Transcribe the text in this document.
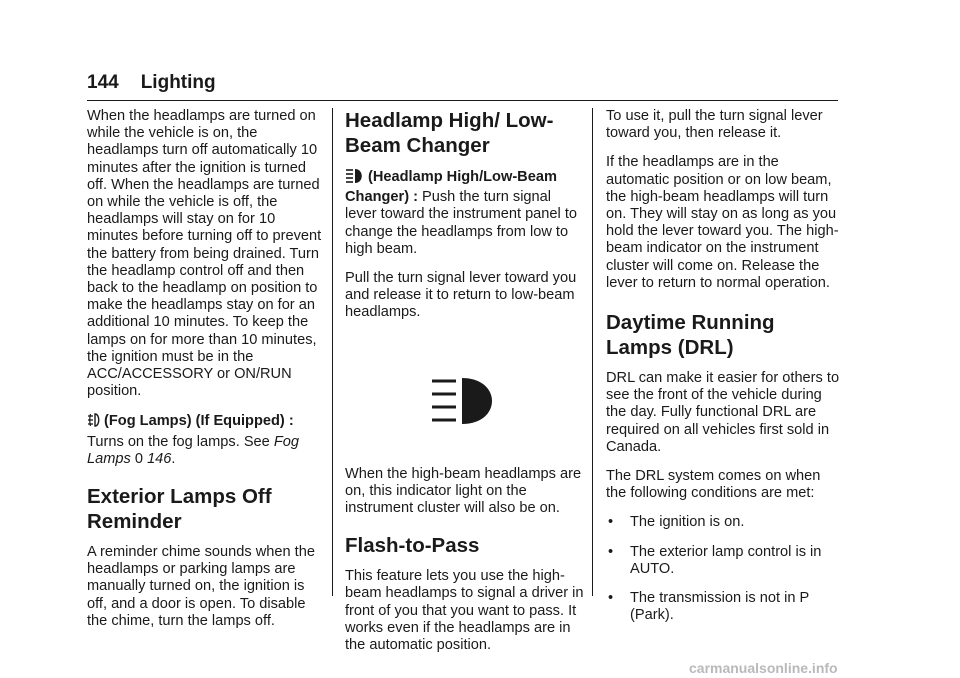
144 Lighting

When the headlamps are turned on while the vehicle is on, the headlamps turn off automatically 10 minutes after the ignition is turned off. When the headlamps are turned on while the vehicle is off, the headlamps will stay on for 10 minutes before turning off to prevent the battery from being drained. Turn the headlamp control off and then back to the headlamp on position to make the headlamps stay on for an additional 10 minutes. To keep the lamps on for more than 10 minutes, the ignition must be in the ACC/ACCESSORY or ON/RUN position.

(Fog Lamps) (If Equipped) : Turns on the fog lamps. See Fog Lamps 0 146.

Exterior Lamps Off Reminder

A reminder chime sounds when the headlamps or parking lamps are manually turned on, the ignition is off, and a door is open. To disable the chime, turn the lamps off.

Headlamp High/ Low-Beam Changer

(Headlamp High/Low-Beam Changer) : Push the turn signal lever toward the instrument panel to change the headlamps from low to high beam.

Pull the turn signal lever toward you and release it to return to low-beam headlamps.

When the high-beam headlamps are on, this indicator light on the instrument cluster will also be on.

Flash-to-Pass

This feature lets you use the high-beam headlamps to signal a driver in front of you that you want to pass. It works even if the headlamps are in the automatic position.

To use it, pull the turn signal lever toward you, then release it.

If the headlamps are in the automatic position or on low beam, the high-beam headlamps will turn on. They will stay on as long as you hold the lever toward you. The high-beam indicator on the instrument cluster will come on. Release the lever to return to normal operation.

Daytime Running Lamps (DRL)

DRL can make it easier for others to see the front of the vehicle during the day. Fully functional DRL are required on all vehicles first sold in Canada.

The DRL system comes on when the following conditions are met:

•	The ignition is on.
•	The exterior lamp control is in AUTO.
•	The transmission is not in P (Park).
carmanualsonline.info
